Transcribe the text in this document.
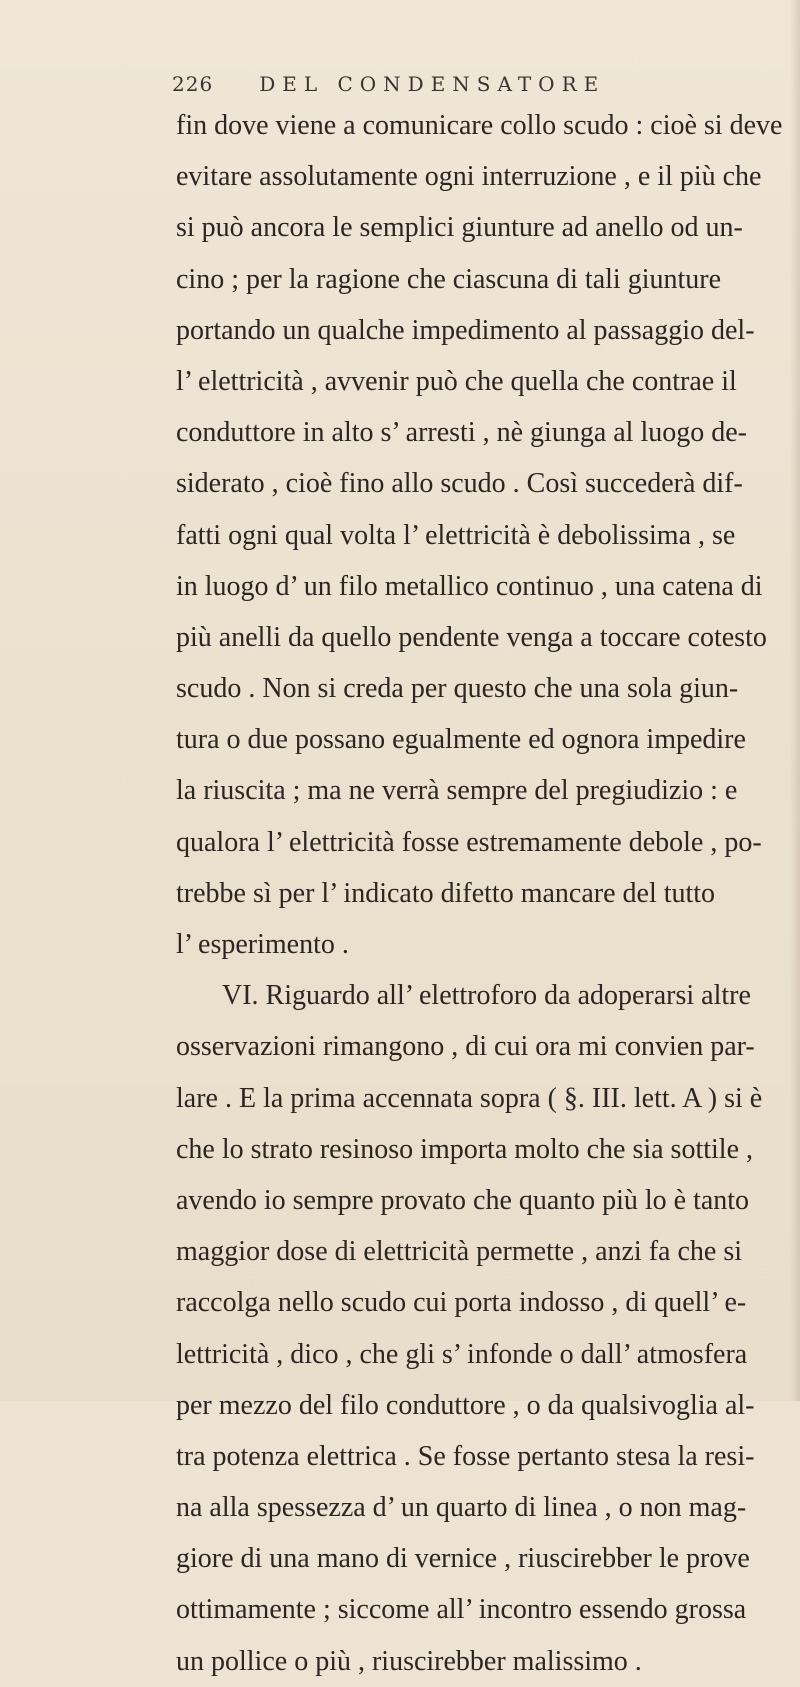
226 DEL CONDENSATORE
fin dove viene a comunicare collo scudo : cioè si deve
evitare assolutamente ogni interruzione , e il più che
si può ancora le semplici giunture ad anello od un-
cino ; per la ragione che ciascuna di tali giunture
portando un qualche impedimento al passaggio del-
l’ elettricità , avvenir può che quella che contrae il
conduttore in alto s’ arresti , nè giunga al luogo de-
siderato , cioè fino allo scudo . Così succederà dif-
fatti ogni qual volta l’ elettricità è debolissima , se
in luogo d’ un filo metallico continuo , una catena di
più anelli da quello pendente venga a toccare cotesto
scudo . Non si creda per questo che una sola giun-
tura o due possano egualmente ed ognora impedire
la riuscita ; ma ne verrà sempre del pregiudizio : e
qualora l’ elettricità fosse estremamente debole , po-
trebbe sì per l’ indicato difetto mancare del tutto
l’ esperimento .
VI. Riguardo all’ elettroforo da adoperarsi altre
osservazioni rimangono , di cui ora mi convien par-
lare . E la prima accennata sopra ( §. III. lett. A ) si è
che lo strato resinoso importa molto che sia sottile ,
avendo io sempre provato che quanto più lo è tanto
maggior dose di elettricità permette , anzi fa che si
raccolga nello scudo cui porta indosso , di quell’ e-
lettricità , dico , che gli s’ infonde o dall’ atmosfera
per mezzo del filo conduttore , o da qualsivoglia al-
tra potenza elettrica . Se fosse pertanto stesa la resi-
na alla spessezza d’ un quarto di linea , o non mag-
giore di una mano di vernice , riuscirebber le prove
ottimamente ; siccome all’ incontro essendo grossa
un pollice o più , riuscirebber malissimo .
